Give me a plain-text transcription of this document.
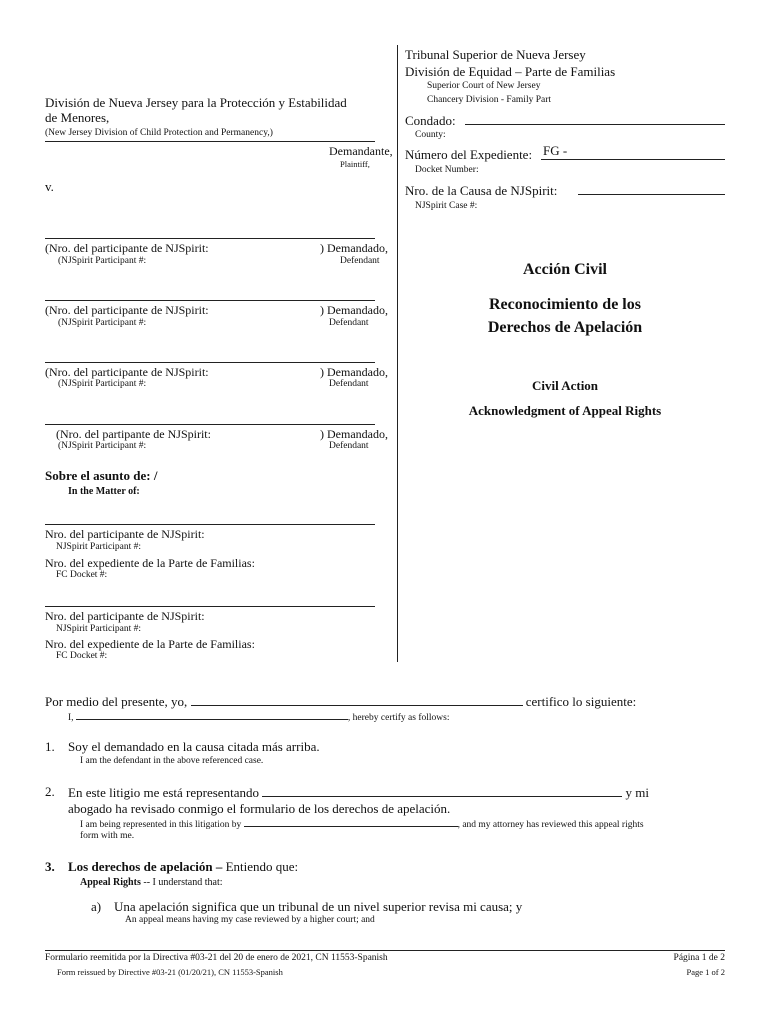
Tribunal Superior de Nueva Jersey
División de Equidad – Parte de Familias
Superior Court of New Jersey
Chancery Division - Family Part
Condado:
County:
Número del Expediente: FG -
Docket Number:
Nro. de la Causa de NJSpirit:
NJSpirit Case #:
División de Nueva Jersey para la Protección y Estabilidad
de Menores,
(New Jersey Division of Child Protection and Permanency,)
Demandante,
Plaintiff,
v.
(Nro. del participante de NJSpirit:	) Demandado,
(NJSpirit Participant #:	Defendant
(Nro. del participante de NJSpirit:	) Demandado,
(NJSpirit Participant #:	Defendant
(Nro. del participante de NJSpirit:	) Demandado,
(NJSpirit Participant #:	Defendant
(Nro. del partipante de NJSpirit:	) Demandado,
(NJSpirit Participant #:	Defendant
Sobre el asunto de: /
In the Matter of:
Nro. del participante de NJSpirit:
NJSpirit Participant #:
Nro. del expediente de la Parte de Familias:
FC Docket #:
Nro. del participante de NJSpirit:
NJSpirit Participant #:
Nro. del expediente de la Parte de Familias:
FC Docket #:
Acción Civil
Reconocimiento de los
Derechos de Apelación
Civil Action
Acknowledgment of Appeal Rights
Por medio del presente, yo,	certifico lo siguiente:
I,	, hereby certify as follows:
1. Soy el demandado en la causa citada más arriba.
I am the defendant in the above referenced case.
2. En este litigio me está representando	y mi
abogado ha revisado conmigo el formulario de los derechos de apelación.
I am being represented in this litigation by	, and my attorney has reviewed this appeal rights
form with me.
3. Los derechos de apelación – Entiendo que:
Appeal Rights -- I understand that:
a) Una apelación significa que un tribunal de un nivel superior revisa mi causa; y
An appeal means having my case reviewed by a higher court; and
Formulario reemitida por la Directiva #03-21 del 20 de enero de 2021, CN 11553-Spanish
Form reissued by Directive #03-21 (01/20/21), CN 11553-Spanish
Página 1 de 2
Page 1 of 2
